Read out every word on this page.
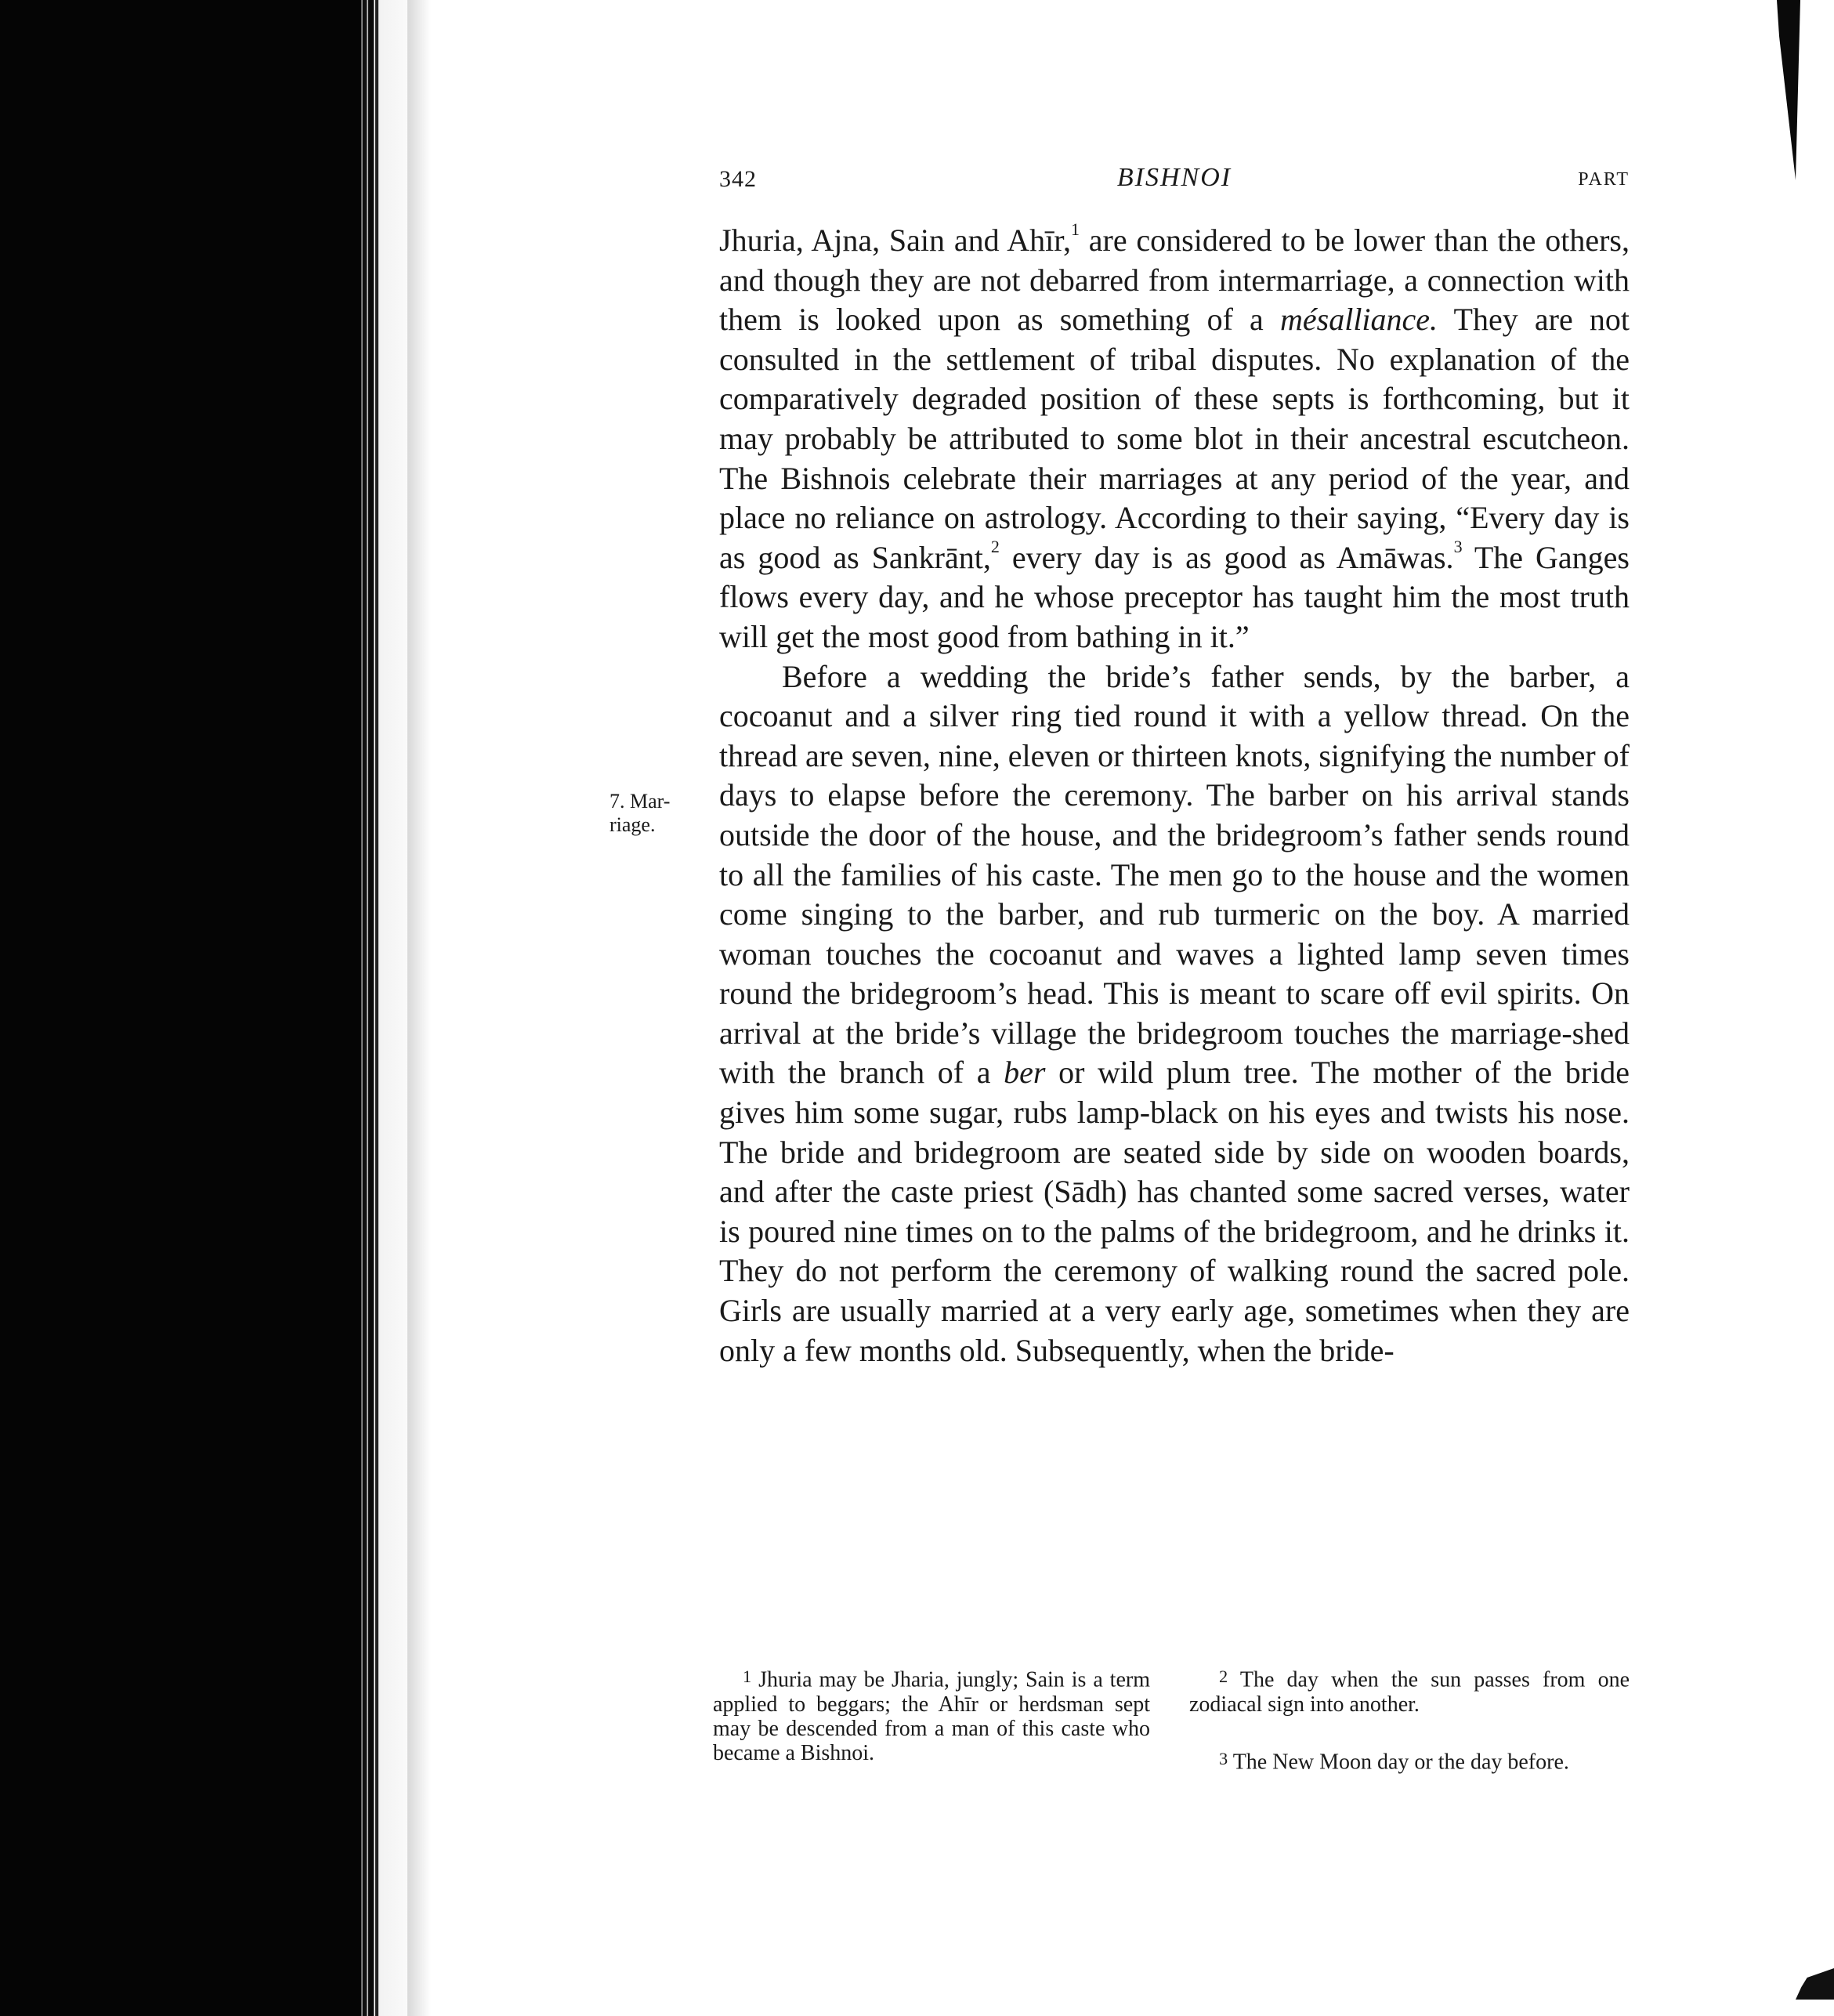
342	BISHNOI	PART
7. Mar-
riage.

Jhuria, Ajna, Sain and Ahīr,$^1$ are considered to be lower than the others, and though they are not debarred from intermarriage, a connection with them is looked upon as something of a mésalliance. They are not consulted in the settlement of tribal disputes. No explanation of the comparatively degraded position of these septs is forthcoming, but it may probably be attributed to some blot in their ancestral escutcheon. The Bishnois celebrate their marriages at any period of the year, and place no reliance on astrology. According to their saying, “Every day is as good as Sankrānt,$^2$ every day is as good as Amāwas.$^3$ The Ganges flows every day, and he whose preceptor has taught him the most truth will get the most good from bathing in it.”

Before a wedding the bride’s father sends, by the barber, a cocoanut and a silver ring tied round it with a yellow thread. On the thread are seven, nine, eleven or thirteen knots, signifying the number of days to elapse before the ceremony. The barber on his arrival stands outside the door of the house, and the bridegroom’s father sends round to all the families of his caste. The men go to the house and the women come singing to the barber, and rub turmeric on the boy. A married woman touches the cocoanut and waves a lighted lamp seven times round the bridegroom’s head. This is meant to scare off evil spirits. On arrival at the bride’s village the bridegroom touches the marriage-shed with the branch of a ber or wild plum tree. The mother of the bride gives him some sugar, rubs lamp-black on his eyes and twists his nose. The bride and bridegroom are seated side by side on wooden boards, and after the caste priest (Sādh) has chanted some sacred verses, water is poured nine times on to the palms of the bridegroom, and he drinks it. They do not perform the ceremony of walking round the sacred pole. Girls are usually married at a very early age, sometimes when they are only a few months old. Subsequently, when the bride-

1 Jhuria may be Jharia, jungly; Sain is a term applied to beggars; the Ahīr or herdsman sept may be descended from a man of this caste who became a Bishnoi.

2 The day when the sun passes from one zodiacal sign into another.

3 The New Moon day or the day before.
